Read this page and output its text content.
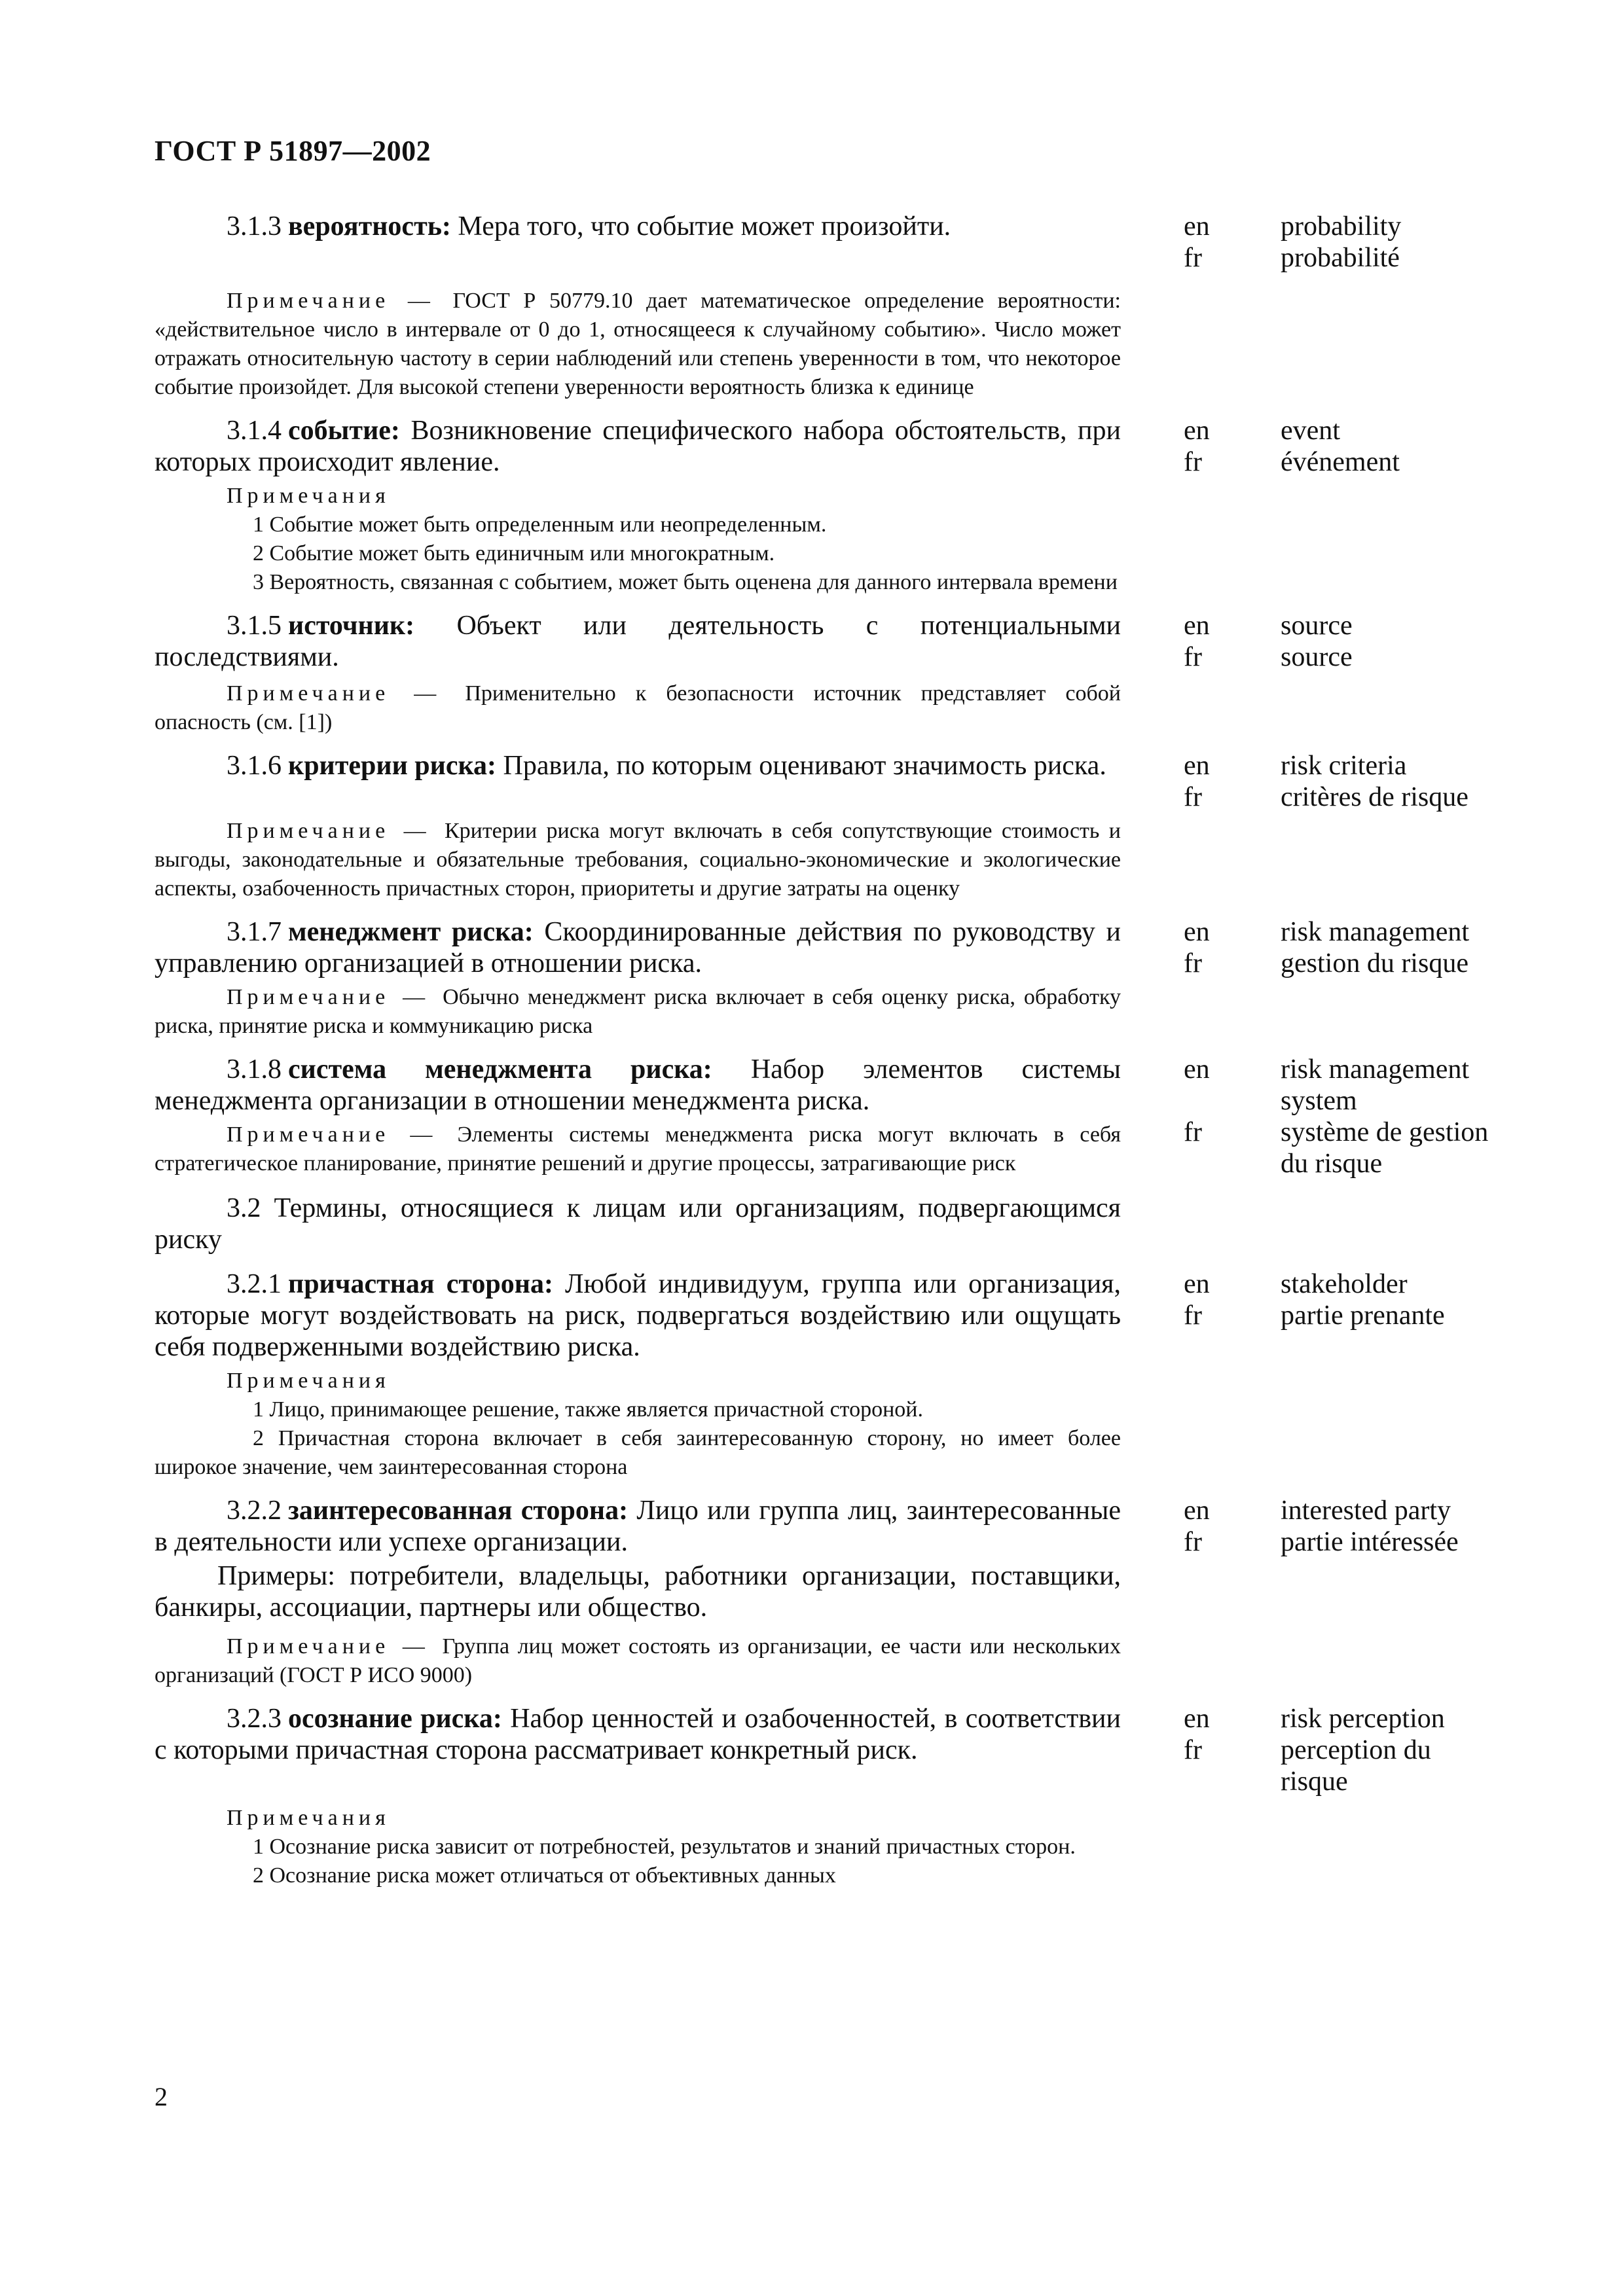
ГОСТ Р 51897—2002

3.1.3 вероятность: Мера того, что событие может произойти.	en
fr
probability
probabilité

Примечание — ГОСТ Р 50779.10 дает математическое определение вероятности: «действительное число в интервале от 0 до 1, относящееся к случайному событию». Число может отражать относительную частоту в серии наблюдений или степень уверенности в том, что некоторое событие произойдет. Для высокой степени уверенности вероятность близка к единице

3.1.4 событие: Возникновение специфического набора обстоятельств, при которых происходит явление.

en
fr
event
événement

Примечания

1 Событие может быть определенным или неопределенным.

2 Событие может быть единичным или многократным.

3 Вероятность, связанная с событием, может быть оценена для данного интервала времени

3.1.5 источник: Объект или деятельность с потенциальными последствиями.

en
fr
source
source

Примечание — Применительно к безопасности источник представляет собой опасность (см. [1])

3.1.6 критерии риска: Правила, по которым оценивают значимость риска.	en
fr
risk criteria
critères de risque

Примечание — Критерии риска могут включать в себя сопутствующие стоимость и выгоды, законодательные и обязательные требования, социально-экономические и экологические аспекты, озабоченность причастных сторон, приоритеты и другие затраты на оценку

3.1.7 менеджмент риска: Скоординированные действия по руководству и управлению организацией в отношении риска.

en
fr
risk management
gestion du risque

Примечание — Обычно менеджмент риска включает в себя оценку риска, обработку риска, принятие риска и коммуникацию риска

3.1.8 система менеджмента риска: Набор элементов системы менеджмента организации в отношении менеджмента риска.

Примечание — Элементы системы менеджмента риска могут включать в себя стратегическое планирование, принятие решений и другие процессы, затрагивающие риск

en
fr
risk management system
système de gestion du risque

3.2 Термины, относящиеся к лицам или организациям, подвергающимся риску

3.2.1 причастная сторона: Любой индивидуум, группа или организация, которые могут воздействовать на риск, подвергаться воздействию или ощущать себя подверженными воздействию риска.

en
fr
stakeholder
partie prenante

Примечания

1 Лицо, принимающее решение, также является причастной стороной.

2 Причастная сторона включает в себя заинтересованную сторону, но имеет более широкое значение, чем заинтересованная сторона

3.2.2 заинтересованная сторона: Лицо или группа лиц, заинтересованные в деятельности или успехе организации.

en
fr
interested party
partie intéressée

Примеры: потребители, владельцы, работники организации, поставщики, банкиры, ассоциации, партнеры или общество.

Примечание — Группа лиц может состоять из организации, ее части или нескольких организаций (ГОСТ Р ИСО 9000)

3.2.3 осознание риска: Набор ценностей и озабоченностей, в соответствии с которыми причастная сторона рассматривает конкретный риск.

en
fr
risk perception
perception du risque

Примечания

1 Осознание риска зависит от потребностей, результатов и знаний причастных сторон.

2 Осознание риска может отличаться от объективных данных

2
